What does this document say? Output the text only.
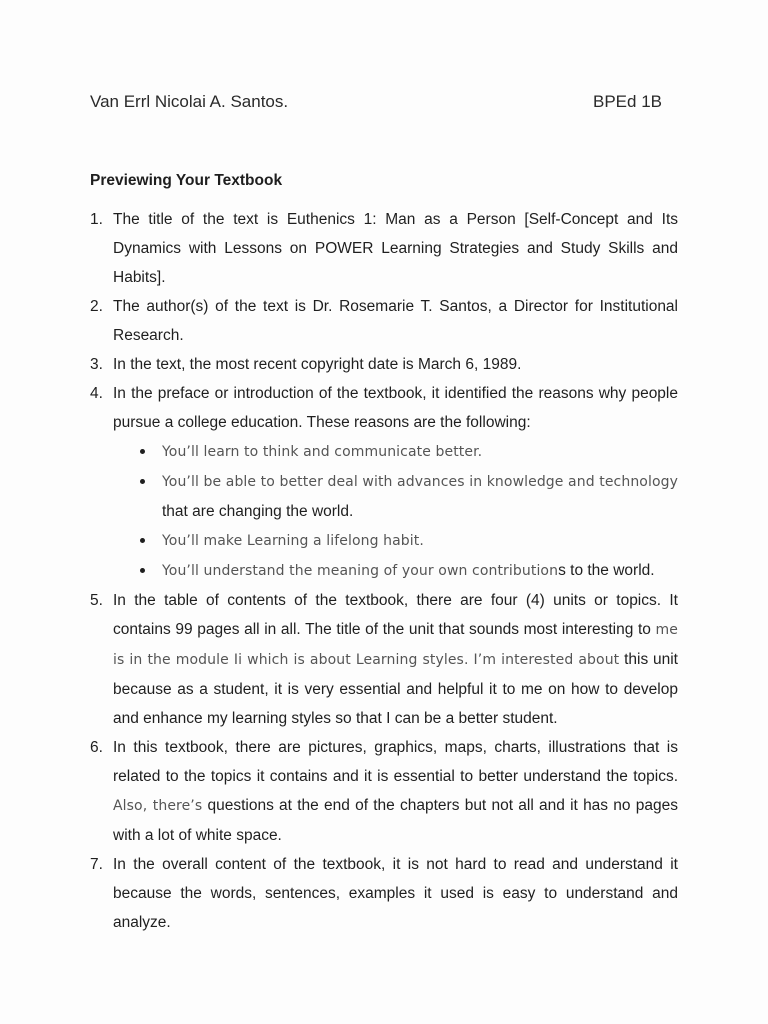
Van Errl Nicolai A. Santos.	BPEd 1B
Previewing Your Textbook
1. The title of the text is Euthenics 1: Man as a Person [Self-Concept and Its Dynamics with Lessons on POWER Learning Strategies and Study Skills and Habits].
2. The author(s) of the text is Dr. Rosemarie T. Santos, a Director for Institutional Research.
3. In the text, the most recent copyright date is March 6, 1989.
4. In the preface or introduction of the textbook, it identified the reasons why people pursue a college education. These reasons are the following:
You’ll learn to think and communicate better.
You’ll be able to better deal with advances in knowledge and technology that are changing the world.
You’ll make Learning a lifelong habit.
You’ll understand the meaning of your own contributions to the world.
5. In the table of contents of the textbook, there are four (4) units or topics. It contains 99 pages all in all. The title of the unit that sounds most interesting to me is in the module Ii which is about Learning styles. I’m interested about this unit because as a student, it is very essential and helpful it to me on how to develop and enhance my learning styles so that I can be a better student.
6. In this textbook, there are pictures, graphics, maps, charts, illustrations that is related to the topics it contains and it is essential to better understand the topics. Also, there’s questions at the end of the chapters but not all and it has no pages with a lot of white space.
7. In the overall content of the textbook, it is not hard to read and understand it because the words, sentences, examples it used is easy to understand and analyze.
